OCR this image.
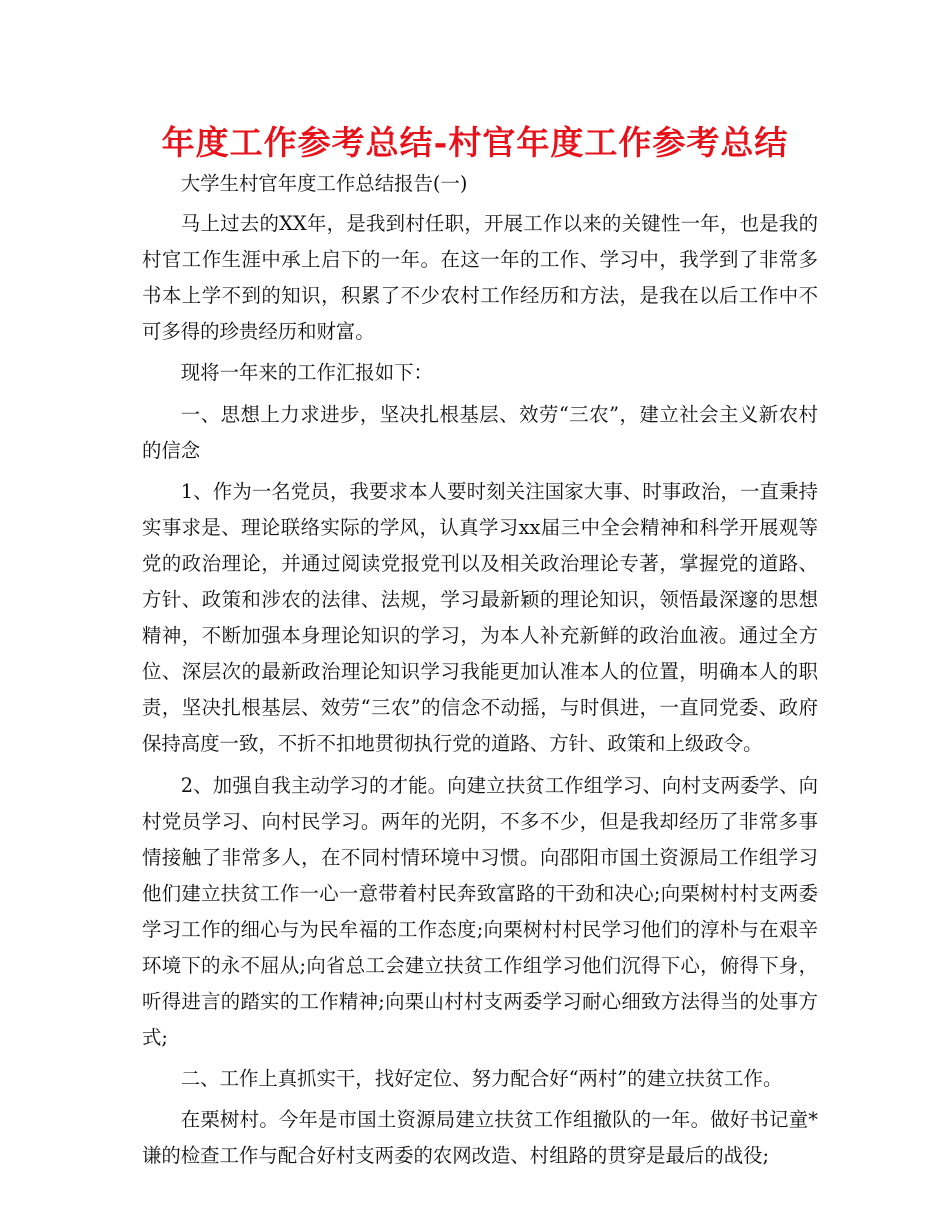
年度工作参考总结-村官年度工作参考总结

大学生村官年度工作总结报告(一)

马上过去的XX年，是我到村任职，开展工作以来的关键性一年，也是我的村官工作生涯中承上启下的一年。在这一年的工作、学习中，我学到了非常多书本上学不到的知识，积累了不少农村工作经历和方法，是我在以后工作中不可多得的珍贵经历和财富。

现将一年来的工作汇报如下：

一、思想上力求进步，坚决扎根基层、效劳“三农”，建立社会主义新农村的信念

1、作为一名党员，我要求本人要时刻关注国家大事、时事政治，一直秉持实事求是、理论联络实际的学风，认真学习xx届三中全会精神和科学开展观等党的政治理论，并通过阅读党报党刊以及相关政治理论专著，掌握党的道路、方针、政策和涉农的法律、法规，学习最新颖的理论知识，领悟最深邃的思想精神，不断加强本身理论知识的学习，为本人补充新鲜的政治血液。通过全方位、深层次的最新政治理论知识学习我能更加认准本人的位置，明确本人的职责，坚决扎根基层、效劳“三农”的信念不动摇，与时俱进，一直同党委、政府保持高度一致，不折不扣地贯彻执行党的道路、方针、政策和上级政令。

2、加强自我主动学习的才能。向建立扶贫工作组学习、向村支两委学、向村党员学习、向村民学习。两年的光阴，不多不少，但是我却经历了非常多事情接触了非常多人，在不同村情环境中习惯。向邵阳市国土资源局工作组学习他们建立扶贫工作一心一意带着村民奔致富路的干劲和决心;向栗树村村支两委学习工作的细心与为民牟福的工作态度;向栗树村村民学习他们的淳朴与在艰辛环境下的永不屈从;向省总工会建立扶贫工作组学习他们沉得下心，俯得下身，听得进言的踏实的工作精神;向栗山村村支两委学习耐心细致方法得当的处事方式;

二、工作上真抓实干，找好定位、努力配合好“两村”的建立扶贫工作。

在栗树村。今年是市国土资源局建立扶贫工作组撤队的一年。做好书记童*谦的检查工作与配合好村支两委的农网改造、村组路的贯穿是最后的战役;
